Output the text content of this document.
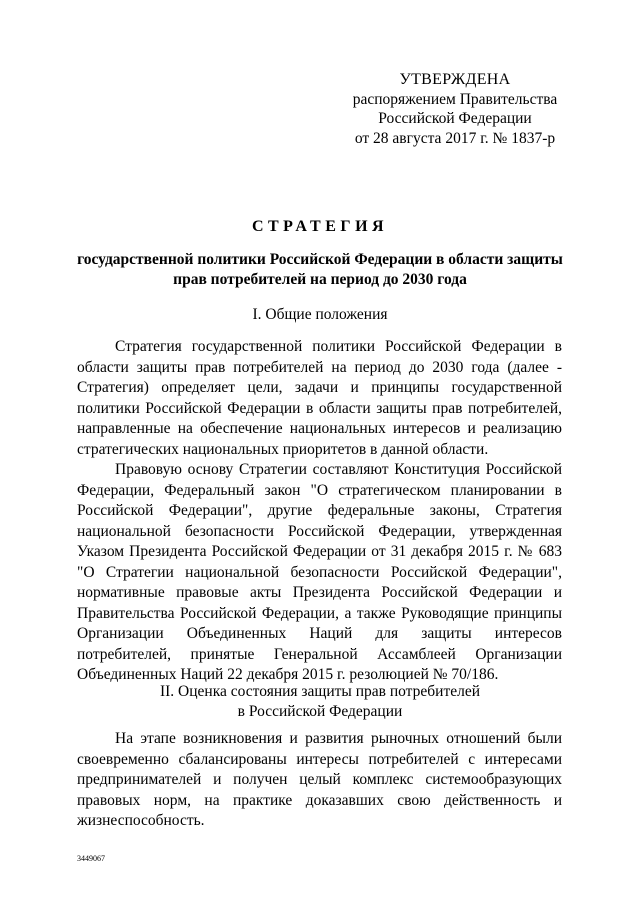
УТВЕРЖДЕНА
распоряжением Правительства
Российской Федерации
от 28 августа 2017 г. № 1837-р
СТРАТЕГИЯ
государственной политики Российской Федерации в области защиты
прав потребителей на период до 2030 года
I. Общие положения

Стратегия государственной политики Российской Федерации в области защиты прав потребителей на период до 2030 года (далее - Стратегия) определяет цели, задачи и принципы государственной политики Российской Федерации в области защиты прав потребителей, направленные на обеспечение национальных интересов и реализацию стратегических национальных приоритетов в данной области.

Правовую основу Стратегии составляют Конституция Российской Федерации, Федеральный закон "О стратегическом планировании в Российской Федерации", другие федеральные законы, Стратегия национальной безопасности Российской Федерации, утвержденная Указом Президента Российской Федерации от 31 декабря 2015 г. № 683 "О Стратегии национальной безопасности Российской Федерации", нормативные правовые акты Президента Российской Федерации и Правительства Российской Федерации, а также Руководящие принципы Организации Объединенных Наций для защиты интересов потребителей, принятые Генеральной Ассамблеей Организации Объединенных Наций 22 декабря 2015 г. резолюцией № 70/186.

II. Оценка состояния защиты прав потребителей
в Российской Федерации

На этапе возникновения и развития рыночных отношений были своевременно сбалансированы интересы потребителей с интересами предпринимателей и получен целый комплекс системообразующих правовых норм, на практике доказавших свою действенность и жизнеспособность.

3449067
